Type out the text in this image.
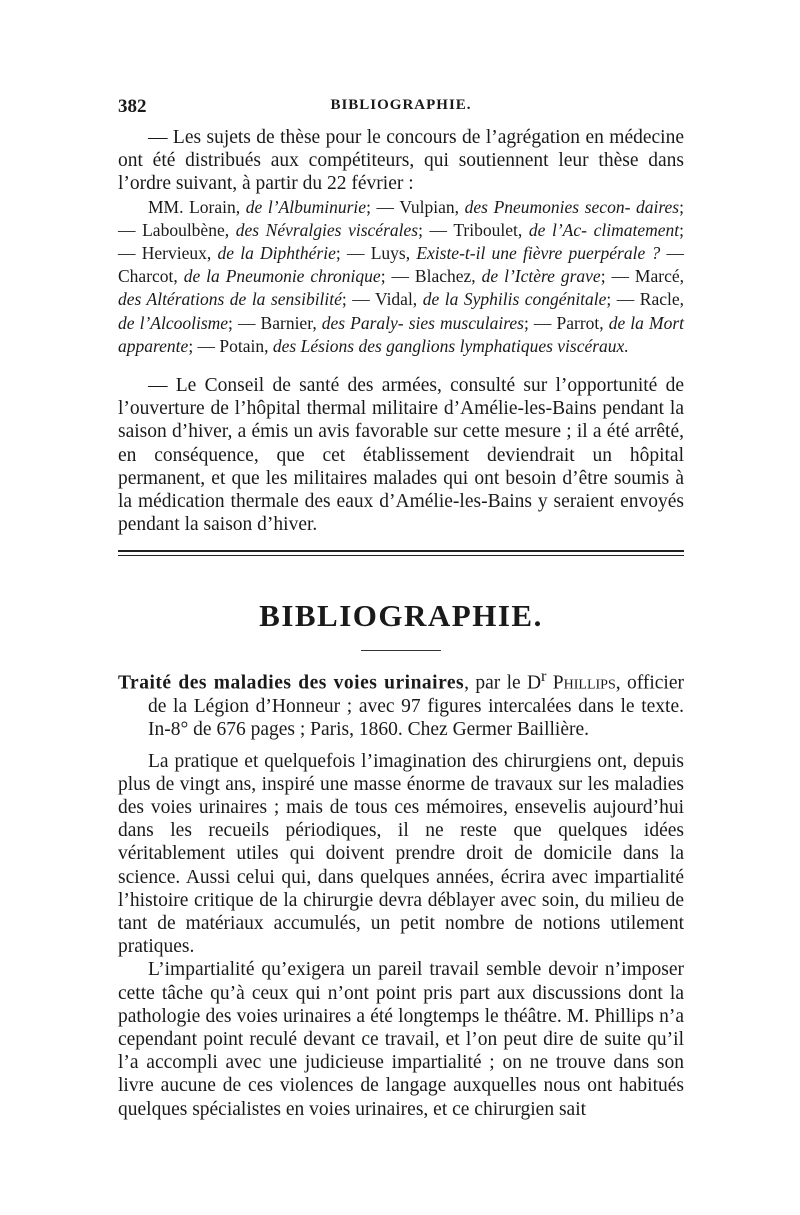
382	BIBLIOGRAPHIE.

— Les sujets de thèse pour le concours de l’agrégation en médecine ont été distribués aux compétiteurs, qui soutiennent leur thèse dans l’ordre suivant, à partir du 22 février :

MM. Lorain, de l’Albuminurie; — Vulpian, des Pneumonies secon- daires; — Laboulbène, des Névralgies viscérales; — Triboulet, de l’Ac- climatement; — Hervieux, de la Diphthérie; — Luys, Existe-t-il une fièvre puerpérale ? — Charcot, de la Pneumonie chronique; — Blachez, de l’Ictère grave; — Marcé, des Altérations de la sensibilité; — Vidal, de la Syphilis congénitale; — Racle, de l’Alcoolisme; — Barnier, des Paraly- sies musculaires; — Parrot, de la Mort apparente; — Potain, des Lésions des ganglions lymphatiques viscéraux.

— Le Conseil de santé des armées, consulté sur l’opportunité de l’ouverture de l’hôpital thermal militaire d’Amélie-les-Bains pendant la saison d’hiver, a émis un avis favorable sur cette mesure ; il a été arrêté, en conséquence, que cet établissement deviendrait un hôpital permanent, et que les militaires malades qui ont besoin d’être soumis à la médication thermale des eaux d’Amélie-les-Bains y seraient envoyés pendant la saison d’hiver.

BIBLIOGRAPHIE.

Traité des maladies des voies urinaires, par le $D^r$ Phillips, officier de la Légion d’Honneur ; avec 97 figures intercalées dans le texte. In-8° de 676 pages ; Paris, 1860. Chez Germer Baillière.

La pratique et quelquefois l’imagination des chirurgiens ont, depuis plus de vingt ans, inspiré une masse énorme de travaux sur les maladies des voies urinaires ; mais de tous ces mémoires, ensevelis aujourd’hui dans les recueils périodiques, il ne reste que quelques idées véritablement utiles qui doivent prendre droit de domicile dans la science. Aussi celui qui, dans quelques années, écrira avec impartialité l’histoire critique de la chirurgie devra déblayer avec soin, du milieu de tant de matériaux accumulés, un petit nombre de notions utilement pratiques.

L’impartialité qu’exigera un pareil travail semble devoir n’imposer cette tâche qu’à ceux qui n’ont point pris part aux discussions dont la pathologie des voies urinaires a été longtemps le théâtre. M. Phillips n’a cependant point reculé devant ce travail, et l’on peut dire de suite qu’il l’a accompli avec une judicieuse impartialité ; on ne trouve dans son livre aucune de ces violences de langage auxquelles nous ont habitués quelques spécialistes en voies urinaires, et ce chirurgien sait
